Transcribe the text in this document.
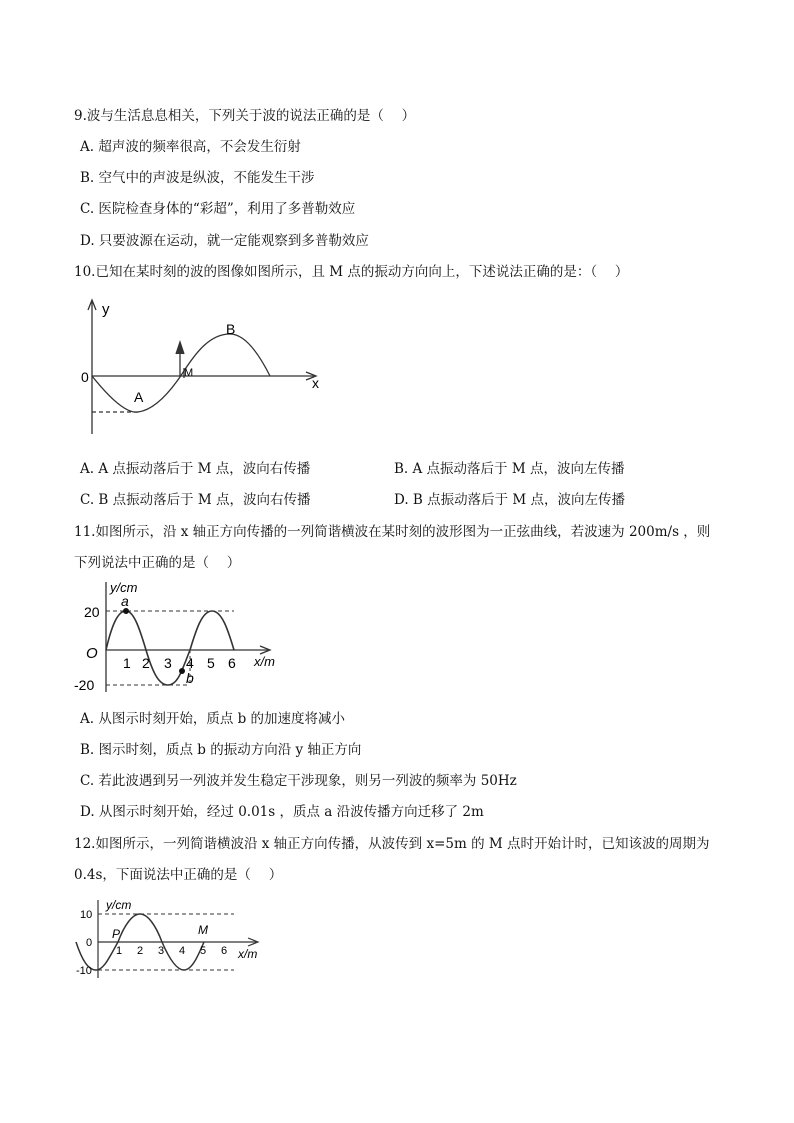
9.波与生活息息相关，下列关于波的说法正确的是（　 ）
A. 超声波的频率很高，不会发生衍射
B. 空气中的声波是纵波，不能发生干涉
C. 医院检查身体的“彩超”，利用了多普勒效应
D. 只要波源在运动，就一定能观察到多普勒效应
10.已知在某时刻的波的图像如图所示，且 M 点的振动方向向上，下述说法正确的是：（　 ）
y
x
0
A
B
M
A. A 点振动落后于 M 点，波向右传播	B. A 点振动落后于 M 点，波向左传播
C. B 点振动落后于 M 点，波向右传播	D. B 点振动落后于 M 点，波向左传播
11.如图所示，沿 x 轴正方向传播的一列简谐横波在某时刻的波形图为一正弦曲线，若波速为 200m/s ，则
下列说法中正确的是（　 ）
y/cm
x/m
O
20
-20
1 2 3 4 5 6
a
b
A. 从图示时刻开始，质点 b 的加速度将减小
B. 图示时刻，质点 b 的振动方向沿 y 轴正方向
C. 若此波遇到另一列波并发生稳定干涉现象，则另一列波的频率为 50Hz
D. 从图示时刻开始，经过 0.01s ，质点 a 沿波传播方向迁移了 2m
12.如图所示，一列简谐横波沿 x 轴正方向传播，从波传到 x=5m 的 M 点时开始计时，已知该波的周期为
0.4s，下面说法中正确的是（　 ）
y/cm
x/m
0
10
-10
1 2 3 4 5 6
P	M
